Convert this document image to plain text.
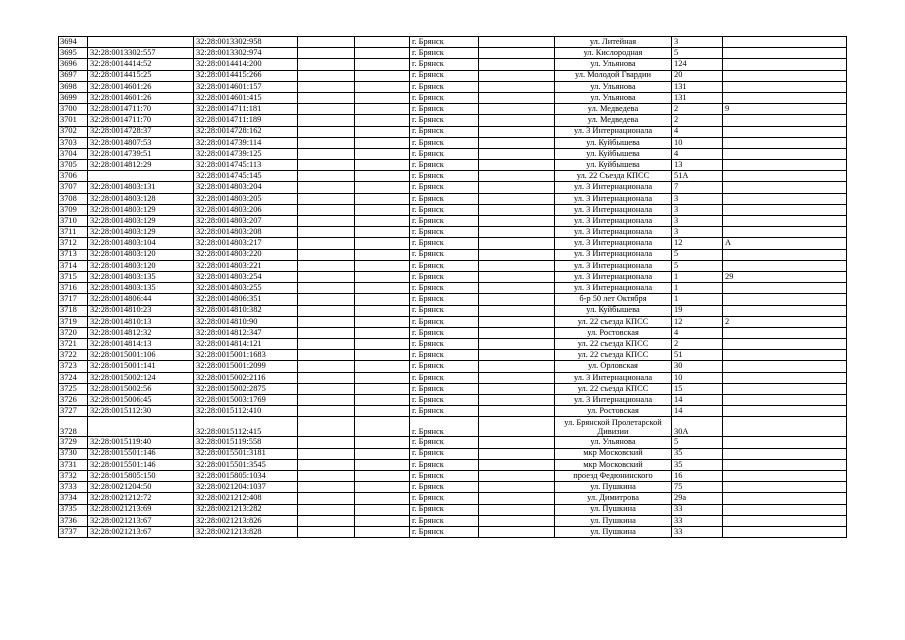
3694		32:28:0013302:958			г. Брянск		ул. Литейная	3	
3695	32:28:0013302:557	32:28:0013302:974			г. Брянск		ул. Кислородная	5	
3696	32:28:0014414:52	32:28:0014414:200			г. Брянск		ул. Ульянова	124	
3697	32:28:0014415:25	32:28:0014415:266			г. Брянск		ул. Молодой Гвардии	20	
3698	32:28:0014601:26	32:28:0014601:157			г. Брянск		ул. Ульянова	131	
3699	32:28:0014601:26	32:28:0014601:415			г. Брянск		ул. Ульянова	131	
3700	32:28:0014711:70	32:28:0014711:181			г. Брянск		ул. Медведева	2	9
3701	32:28:0014711:70	32:28:0014711:189			г. Брянск		ул. Медведева	2	
3702	32:28:0014728:37	32:28:0014728:162			г. Брянск		ул. 3 Интернационала	4	
3703	32:28:0014807:53	32:28:0014739:114			г. Брянск		ул. Куйбышева	10	
3704	32:28:0014739:51	32:28:0014739:125			г. Брянск		ул. Куйбышева	4	
3705	32:28:0014812:29	32:28:0014745:113			г. Брянск		ул. Куйбышева	13	
3706		32:28:0014745:145			г. Брянск		ул. 22 Съезда КПСС	51А	
3707	32:28:0014803:131	32:28:0014803:204			г. Брянск		ул. 3 Интернационала	7	
3708	32:28:0014803:128	32:28:0014803:205			г. Брянск		ул. 3 Интернационала	3	
3709	32:28:0014803:129	32:28:0014803:206			г. Брянск		ул. 3 Интернационала	3	
3710	32:28:0014803:129	32:28:0014803:207			г. Брянск		ул. 3 Интернационала	3	
3711	32:28:0014803:129	32:28:0014803:208			г. Брянск		ул. 3 Интернационала	3	
3712	32:28:0014803:104	32:28:0014803:217			г. Брянск		ул. 3 Интернационала	12	А
3713	32:28:0014803:120	32:28:0014803:220			г. Брянск		ул. 3 Интернационала	5	
3714	32:28:0014803:120	32:28:0014803:221			г. Брянск		ул. 3 Интернационала	5	
3715	32:28:0014803:135	32:28:0014803:254			г. Брянск		ул. 3 Интернационала	1	29
3716	32:28:0014803:135	32:28:0014803:255			г. Брянск		ул. 3 Интернационала	1	
3717	32:28:0014806:44	32:28:0014806:351			г. Брянск		б-р 50 лет Октября	1	
3718	32:28:0014810:23	32:28:0014810:382			г. Брянск		ул. Куйбышева	19	
3719	32:28:0014810:13	32:28:0014810:90			г. Брянск		ул. 22 съезда КПСС	12	2
3720	32:28:0014812:32	32:28:0014812:347			г. Брянск		ул. Ростовская	4	
3721	32:28:0014814:13	32:28:0014814:121			г. Брянск		ул. 22 съезда КПСС	2	
3722	32:28:0015001:106	32:28:0015001:1683			г. Брянск		ул. 22 съезда КПСС	51	
3723	32:28:0015001:141	32:28:0015001:2099			г. Брянск		ул. Орловская	30	
3724	32:28:0015002:124	32:28:0015002:2116			г. Брянск		ул. 3 Интернационала	10	
3725	32:28:0015002:56	32:28:0015002:2875			г. Брянск		ул. 22 съезда КПСС	15	
3726	32:28:0015006:45	32:28:0015003:1769			г. Брянск		ул. 3 Интернационала	14	
3727	32:28:0015112:30	32:28:0015112:410			г. Брянск		ул. Ростовская	14	
3728		32:28:0015112:415			г. Брянск		ул. Брянской Пролетарской Дивизии	30А	
3729	32:28:0015119:40	32:28:0015119:558			г. Брянск		ул. Ульянова	5	
3730	32:28:0015501:146	32:28:0015501:3181			г. Брянск		мкр Московский	35	
3731	32:28:0015501:146	32:28:0015501:3545			г. Брянск		мкр Московский	35	
3732	32:28:0015805:150	32:28:0015805:1034			г. Брянск		проезд Федюнинского	16	
3733	32:28:0021204:50	32:28:0021204:1037			г. Брянск		ул. Пушкина	75	
3734	32:28:0021212:72	32:28:0021212:408			г. Брянск		ул. Димитрова	29а	
3735	32:28:0021213:69	32:28:0021213:282			г. Брянск		ул. Пушкина	33	
3736	32:28:0021213:67	32:28:0021213:826			г. Брянск		ул. Пушкина	33	
3737	32:28:0021213:67	32:28:0021213:828			г. Брянск		ул. Пушкина	33	
